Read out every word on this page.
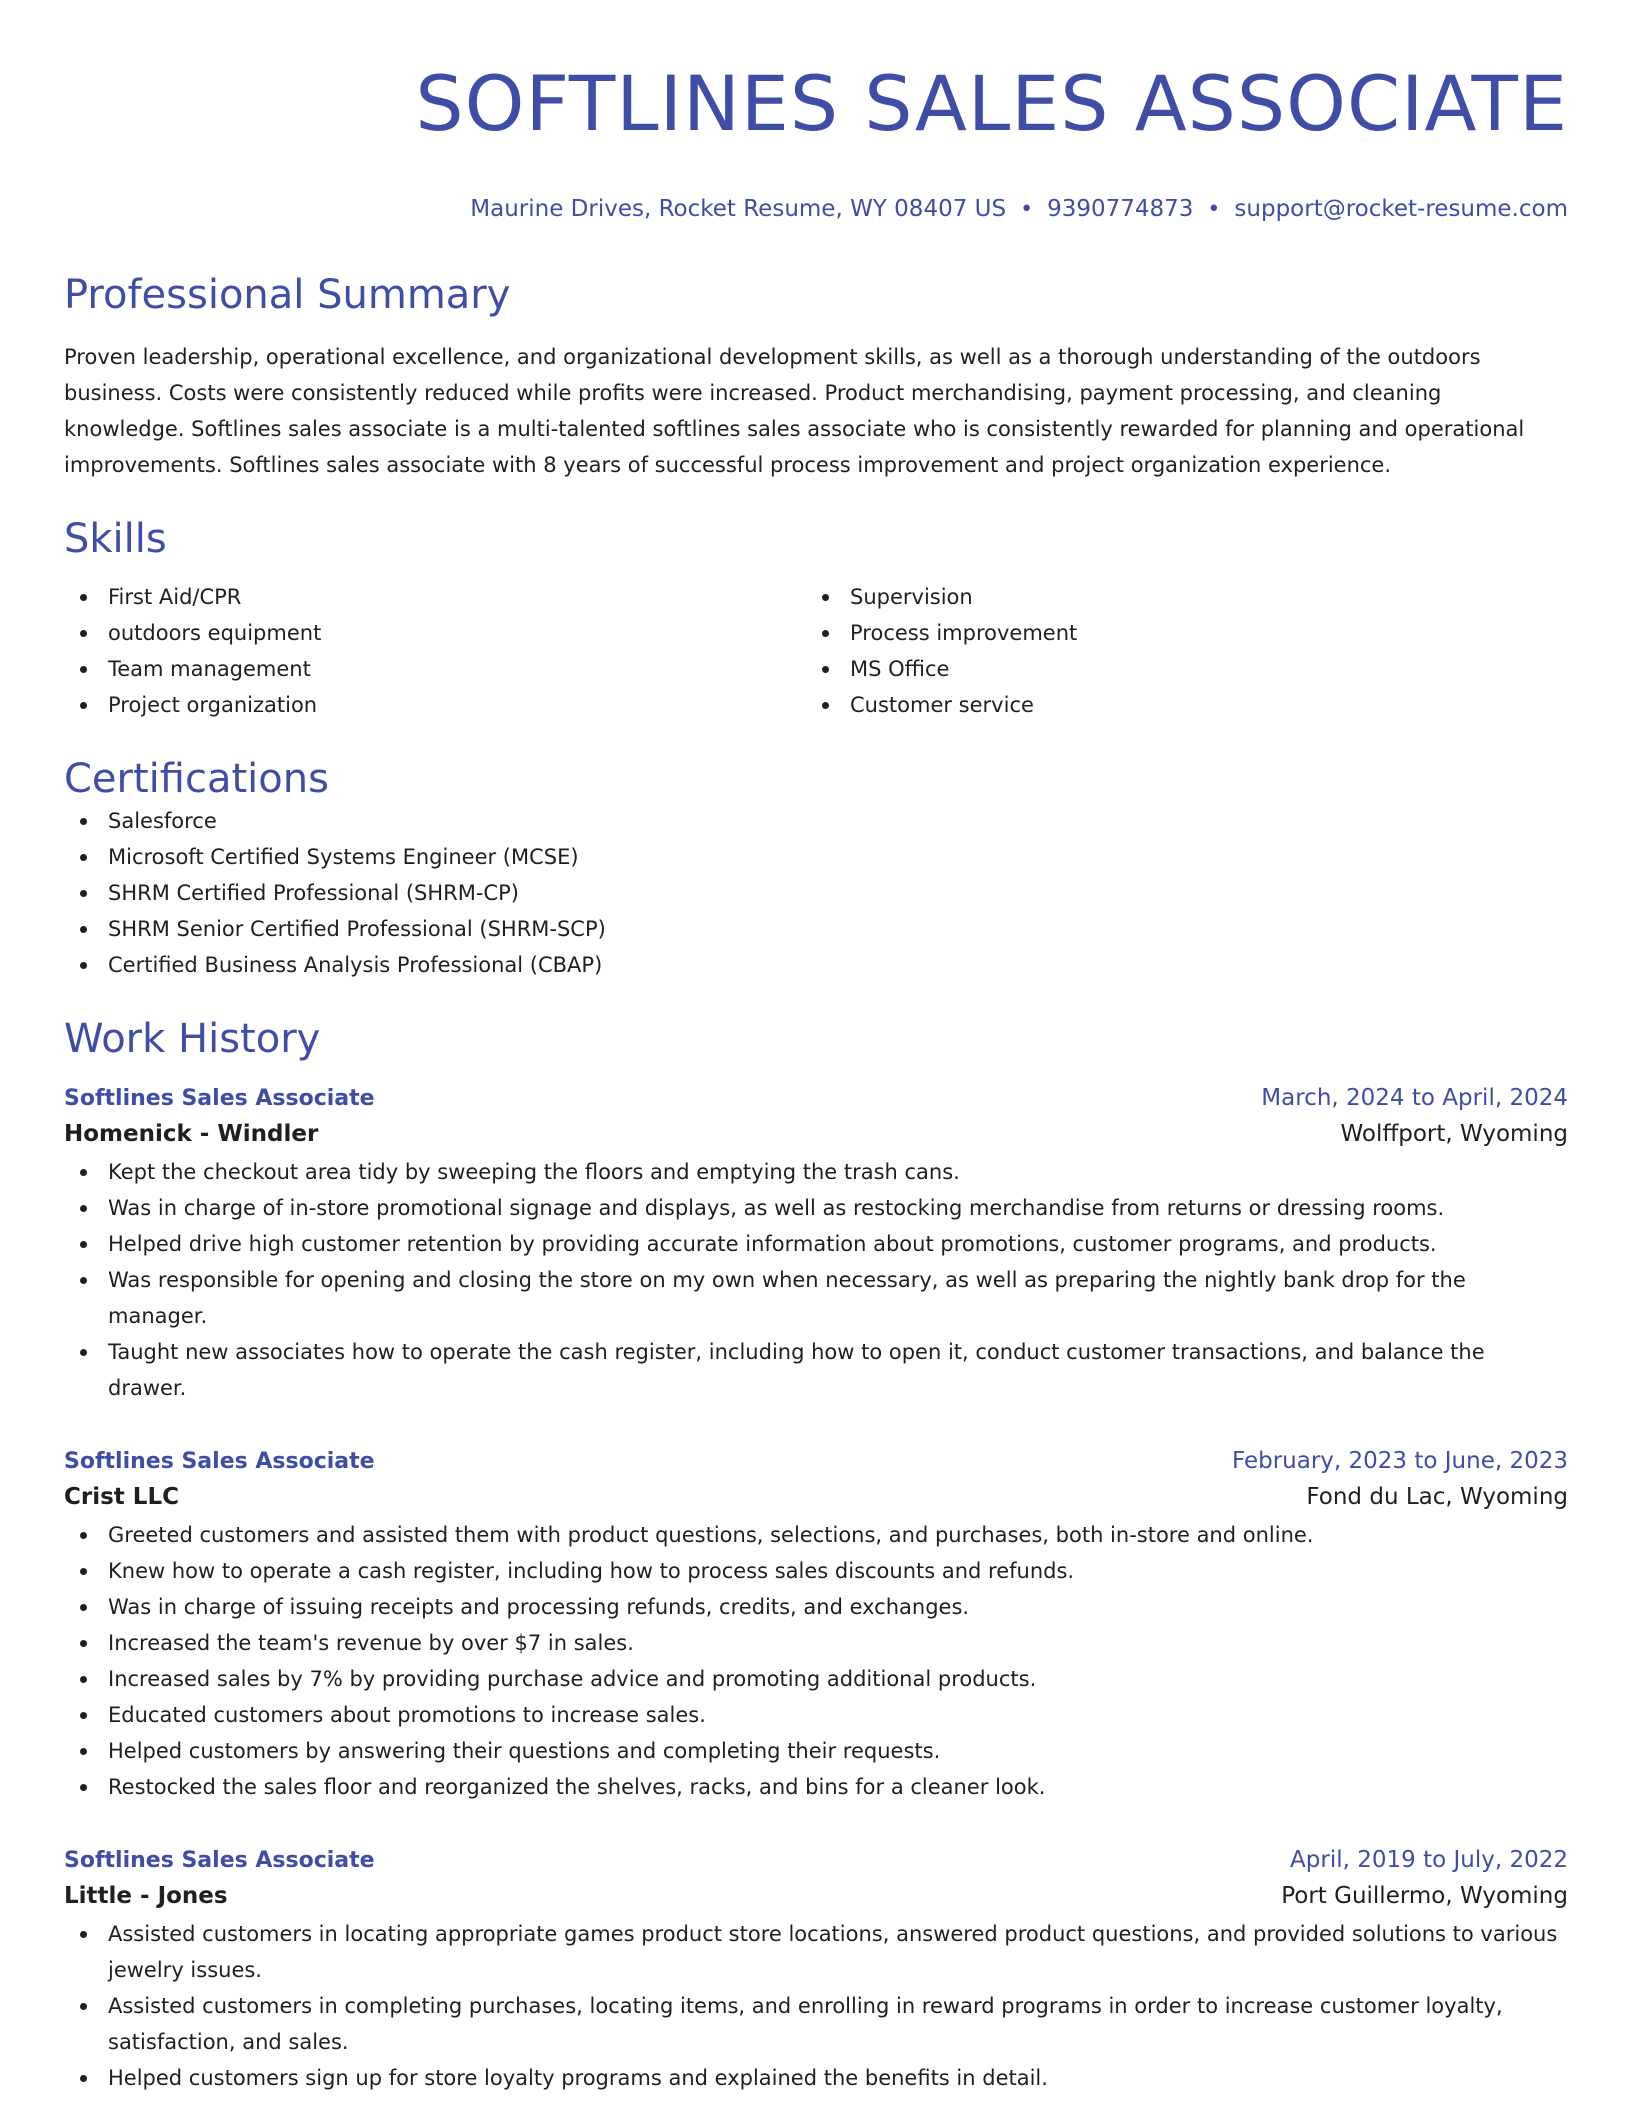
SOFTLINES SALES ASSOCIATE
Maurine Drives, Rocket Resume, WY 08407 US • 9390774873 • support@rocket-resume.com
Professional Summary

Proven leadership, operational excellence, and organizational development skills, as well as a thorough understanding of the outdoors business. Costs were consistently reduced while profits were increased. Product merchandising, payment processing, and cleaning knowledge. Softlines sales associate is a multi-talented softlines sales associate who is consistently rewarded for planning and operational improvements. Softlines sales associate with 8 years of successful process improvement and project organization experience.

Skills
First Aid/CPR
outdoors equipment
Team management
Project organization
Supervision
Process improvement
MS Office
Customer service
Certifications
Salesforce
Microsoft Certified Systems Engineer (MCSE)
SHRM Certified Professional (SHRM-CP)
SHRM Senior Certified Professional (SHRM-SCP)
Certified Business Analysis Professional (CBAP)
Work History
Softlines Sales Associate	March, 2024 to April, 2024
Homenick - Windler	Wolffport, Wyoming
Kept the checkout area tidy by sweeping the floors and emptying the trash cans.
Was in charge of in-store promotional signage and displays, as well as restocking merchandise from returns or dressing rooms.
Helped drive high customer retention by providing accurate information about promotions, customer programs, and products.
Was responsible for opening and closing the store on my own when necessary, as well as preparing the nightly bank drop for the manager.
Taught new associates how to operate the cash register, including how to open it, conduct customer transactions, and balance the drawer.
Softlines Sales Associate	February, 2023 to June, 2023
Crist LLC	Fond du Lac, Wyoming
Greeted customers and assisted them with product questions, selections, and purchases, both in-store and online.
Knew how to operate a cash register, including how to process sales discounts and refunds.
Was in charge of issuing receipts and processing refunds, credits, and exchanges.
Increased the team's revenue by over $7 in sales.
Increased sales by 7% by providing purchase advice and promoting additional products.
Educated customers about promotions to increase sales.
Helped customers by answering their questions and completing their requests.
Restocked the sales floor and reorganized the shelves, racks, and bins for a cleaner look.
Softlines Sales Associate	April, 2019 to July, 2022
Little - Jones	Port Guillermo, Wyoming
Assisted customers in locating appropriate games product store locations, answered product questions, and provided solutions to various jewelry issues.
Assisted customers in completing purchases, locating items, and enrolling in reward programs in order to increase customer loyalty, satisfaction, and sales.
Helped customers sign up for store loyalty programs and explained the benefits in detail.
